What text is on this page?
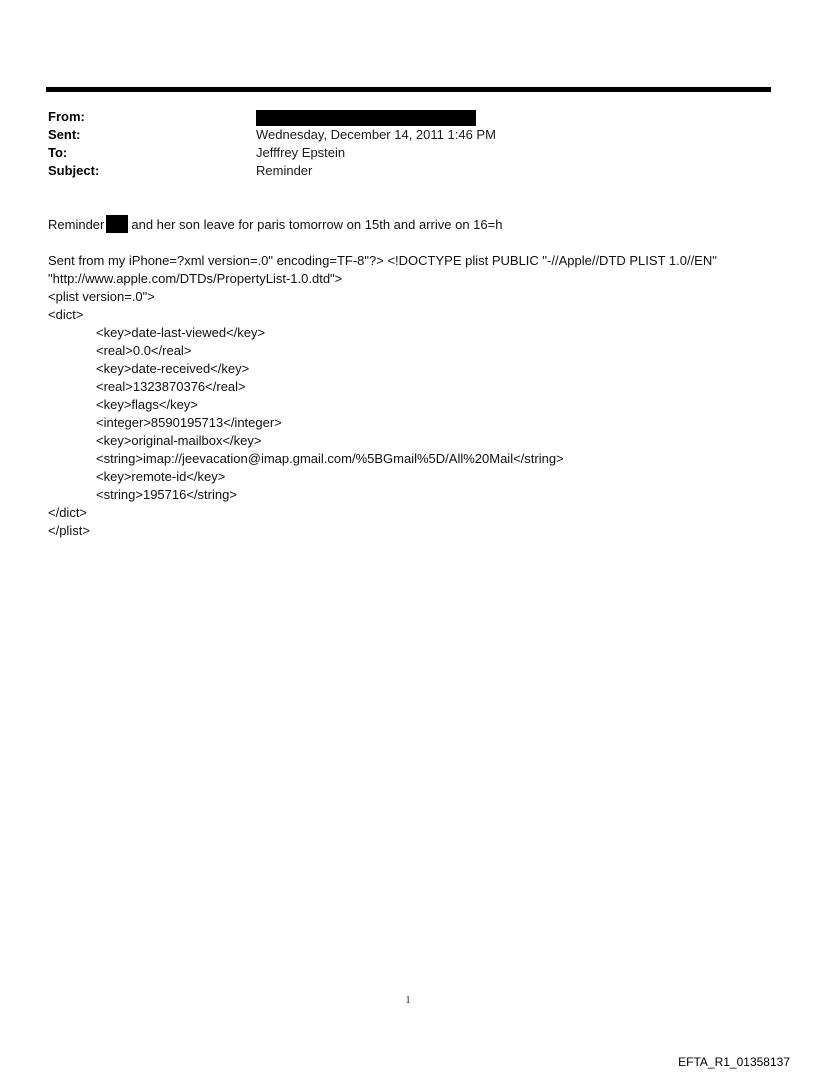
From:
Sent:	Wednesday, December 14, 2011 1:46 PM
To:	Jefffrey Epstein
Subject:	Reminder
Reminder and her son leave for paris tomorrow on 15th and arrive on 16=h
Sent from my iPhone=?xml version=.0" encoding=TF-8"?> <!DOCTYPE plist PUBLIC "-//Apple//DTD PLIST 1.0//EN"
"http://www.apple.com/DTDs/PropertyList-1.0.dtd">
<plist version=.0">
<dict>
<key>date-last-viewed</key>
<real>0.0</real>
<key>date-received</key>
<real>1323870376</real>
<key>flags</key>
<integer>8590195713</integer>
<key>original-mailbox</key>
<string>imap://jeevacation@imap.gmail.com/%5BGmail%5D/All%20Mail</string>
<key>remote-id</key>
<string>195716</string>
</dict>
</plist>
1
EFTA_R1_01358137
